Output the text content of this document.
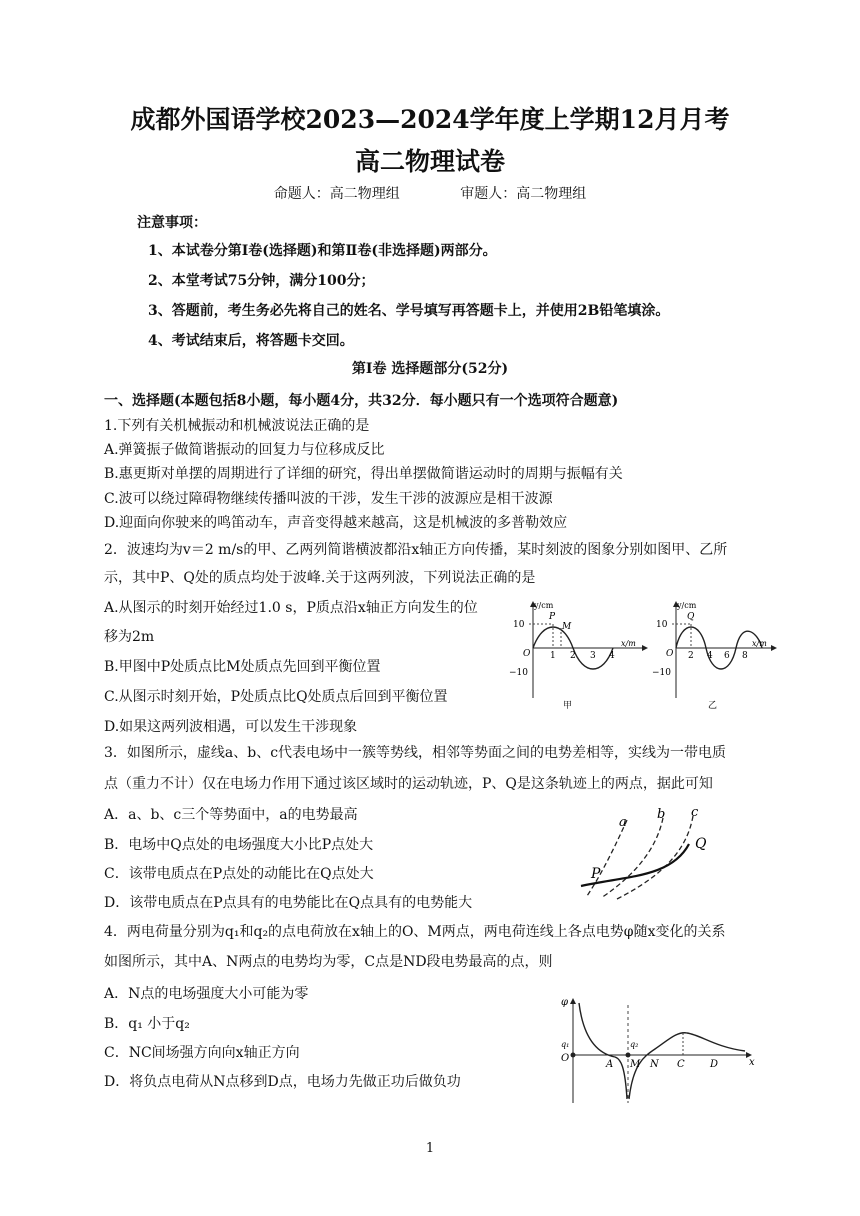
成都外国语学校2023—2024学年度上学期12月月考
高二物理试卷
命题人：高二物理组	审题人：高二物理组
注意事项：
1、本试卷分第Ⅰ卷(选择题)和第Ⅱ卷(非选择题)两部分。
2、本堂考试75分钟，满分100分；
3、答题前，考生务必先将自己的姓名、学号填写再答题卡上，并使用2B铅笔填涂。
4、考试结束后，将答题卡交回。
第Ⅰ卷 选择题部分(52分)
一、选择题(本题包括8小题，每小题4分，共32分．每小题只有一个选项符合题意)
1.下列有关机械振动和机械波说法正确的是
A.弹簧振子做简谐振动的回复力与位移成反比
B.惠更斯对单摆的周期进行了详细的研究，得出单摆做简谐运动时的周期与振幅有关
C.波可以绕过障碍物继续传播叫波的干涉，发生干涉的波源应是相干波源
D.迎面向你驶来的鸣笛动车，声音变得越来越高，这是机械波的多普勒效应
2．波速均为v＝2 m/s的甲、乙两列简谐横波都沿x轴正方向传播，某时刻波的图象分别如图甲、乙所
示，其中P、Q处的质点均处于波峰.关于这两列波，下列说法正确的是
A.从图示的时刻开始经过1.0 s，P质点沿x轴正方向发生的位
移为2m
B.甲图中P处质点比M处质点先回到平衡位置
C.从图示时刻开始，P处质点比Q处质点后回到平衡位置
D.如果这两列波相遇，可以发生干涉现象
y/cm
x/m
10
−10
O 1 2 3 4
P
M
甲
y/cm
x/m
10
−10
O 2 4 6 8
Q
乙
3．如图所示，虚线a、b、c代表电场中一簇等势线，相邻等势面之间的电势差相等，实线为一带电质
点（重力不计）仅在电场力作用下通过该区域时的运动轨迹，P、Q是这条轨迹上的两点，据此可知
A．a、b、c三个等势面中，a的电势最高
B．电场中Q点处的电场强度大小比P点处大
C．该带电质点在P点处的动能比在Q点处大
D．该带电质点在P点具有的电势能比在Q点具有的电势能大
a
b c
P
Q
4．两电荷量分别为q₁和q₂的点电荷放在x轴上的O、M两点，两电荷连线上各点电势φ随x变化的关系
如图所示，其中A、N两点的电势均为零，C点是ND段电势最高的点，则
A．N点的电场强度大小可能为零
B．q₁ 小于q₂
C．NC间场强方向向x轴正方向
D．将负点电荷从N点移到D点，电场力先做正功后做负功
φ
x
O
q₁	q₂
A M N C	D
1
